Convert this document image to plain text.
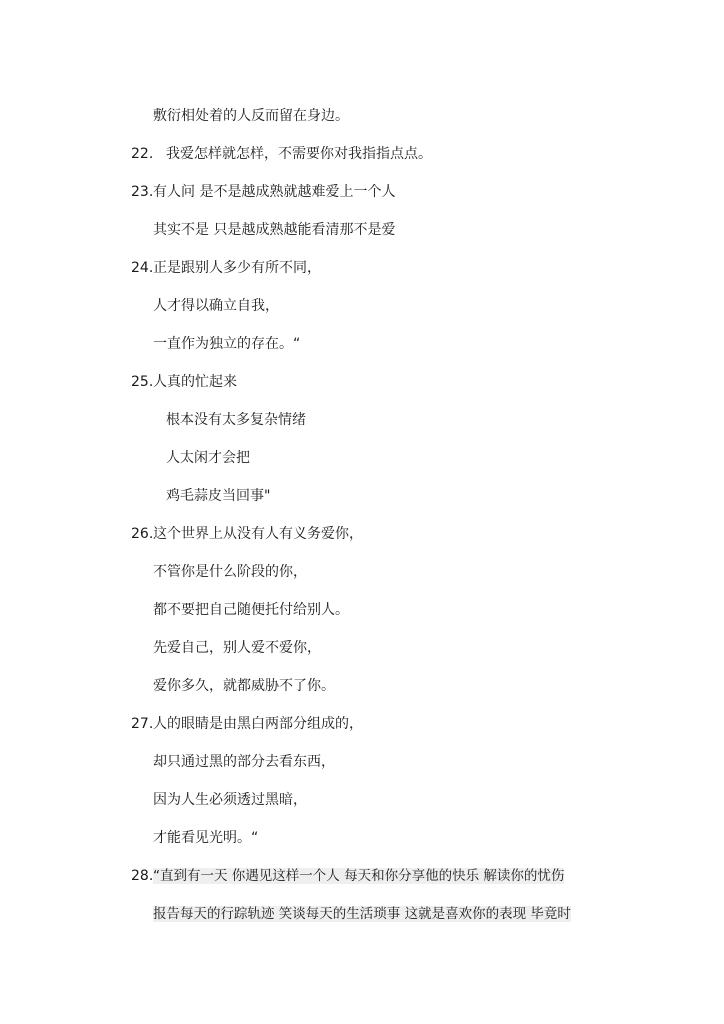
敷衍相处着的人反而留在身边。
22. 我爱怎样就怎样，不需要你对我指指点点。
23.有人问 是不是越成熟就越难爱上一个人
其实不是 只是越成熟越能看清那不是爱
24.正是跟别人多少有所不同，
人才得以确立自我，
一直作为独立的存在。“
25.人真的忙起来
根本没有太多复杂情绪
人太闲才会把
鸡毛蒜皮当回事"
26.这个世界上从没有人有义务爱你，
不管你是什么阶段的你，
都不要把自己随便托付给别人。
先爱自己，别人爱不爱你，
爱你多久，就都威胁不了你。
27.人的眼睛是由黑白两部分组成的，
却只通过黑的部分去看东西，
因为人生必须透过黑暗，
才能看见光明。“
28.“直到有一天 你遇见这样一个人 每天和你分享他的快乐 解读你的忧伤
报告每天的行踪轨迹 笑谈每天的生活琐事 这就是喜欢你的表现 毕竟时
